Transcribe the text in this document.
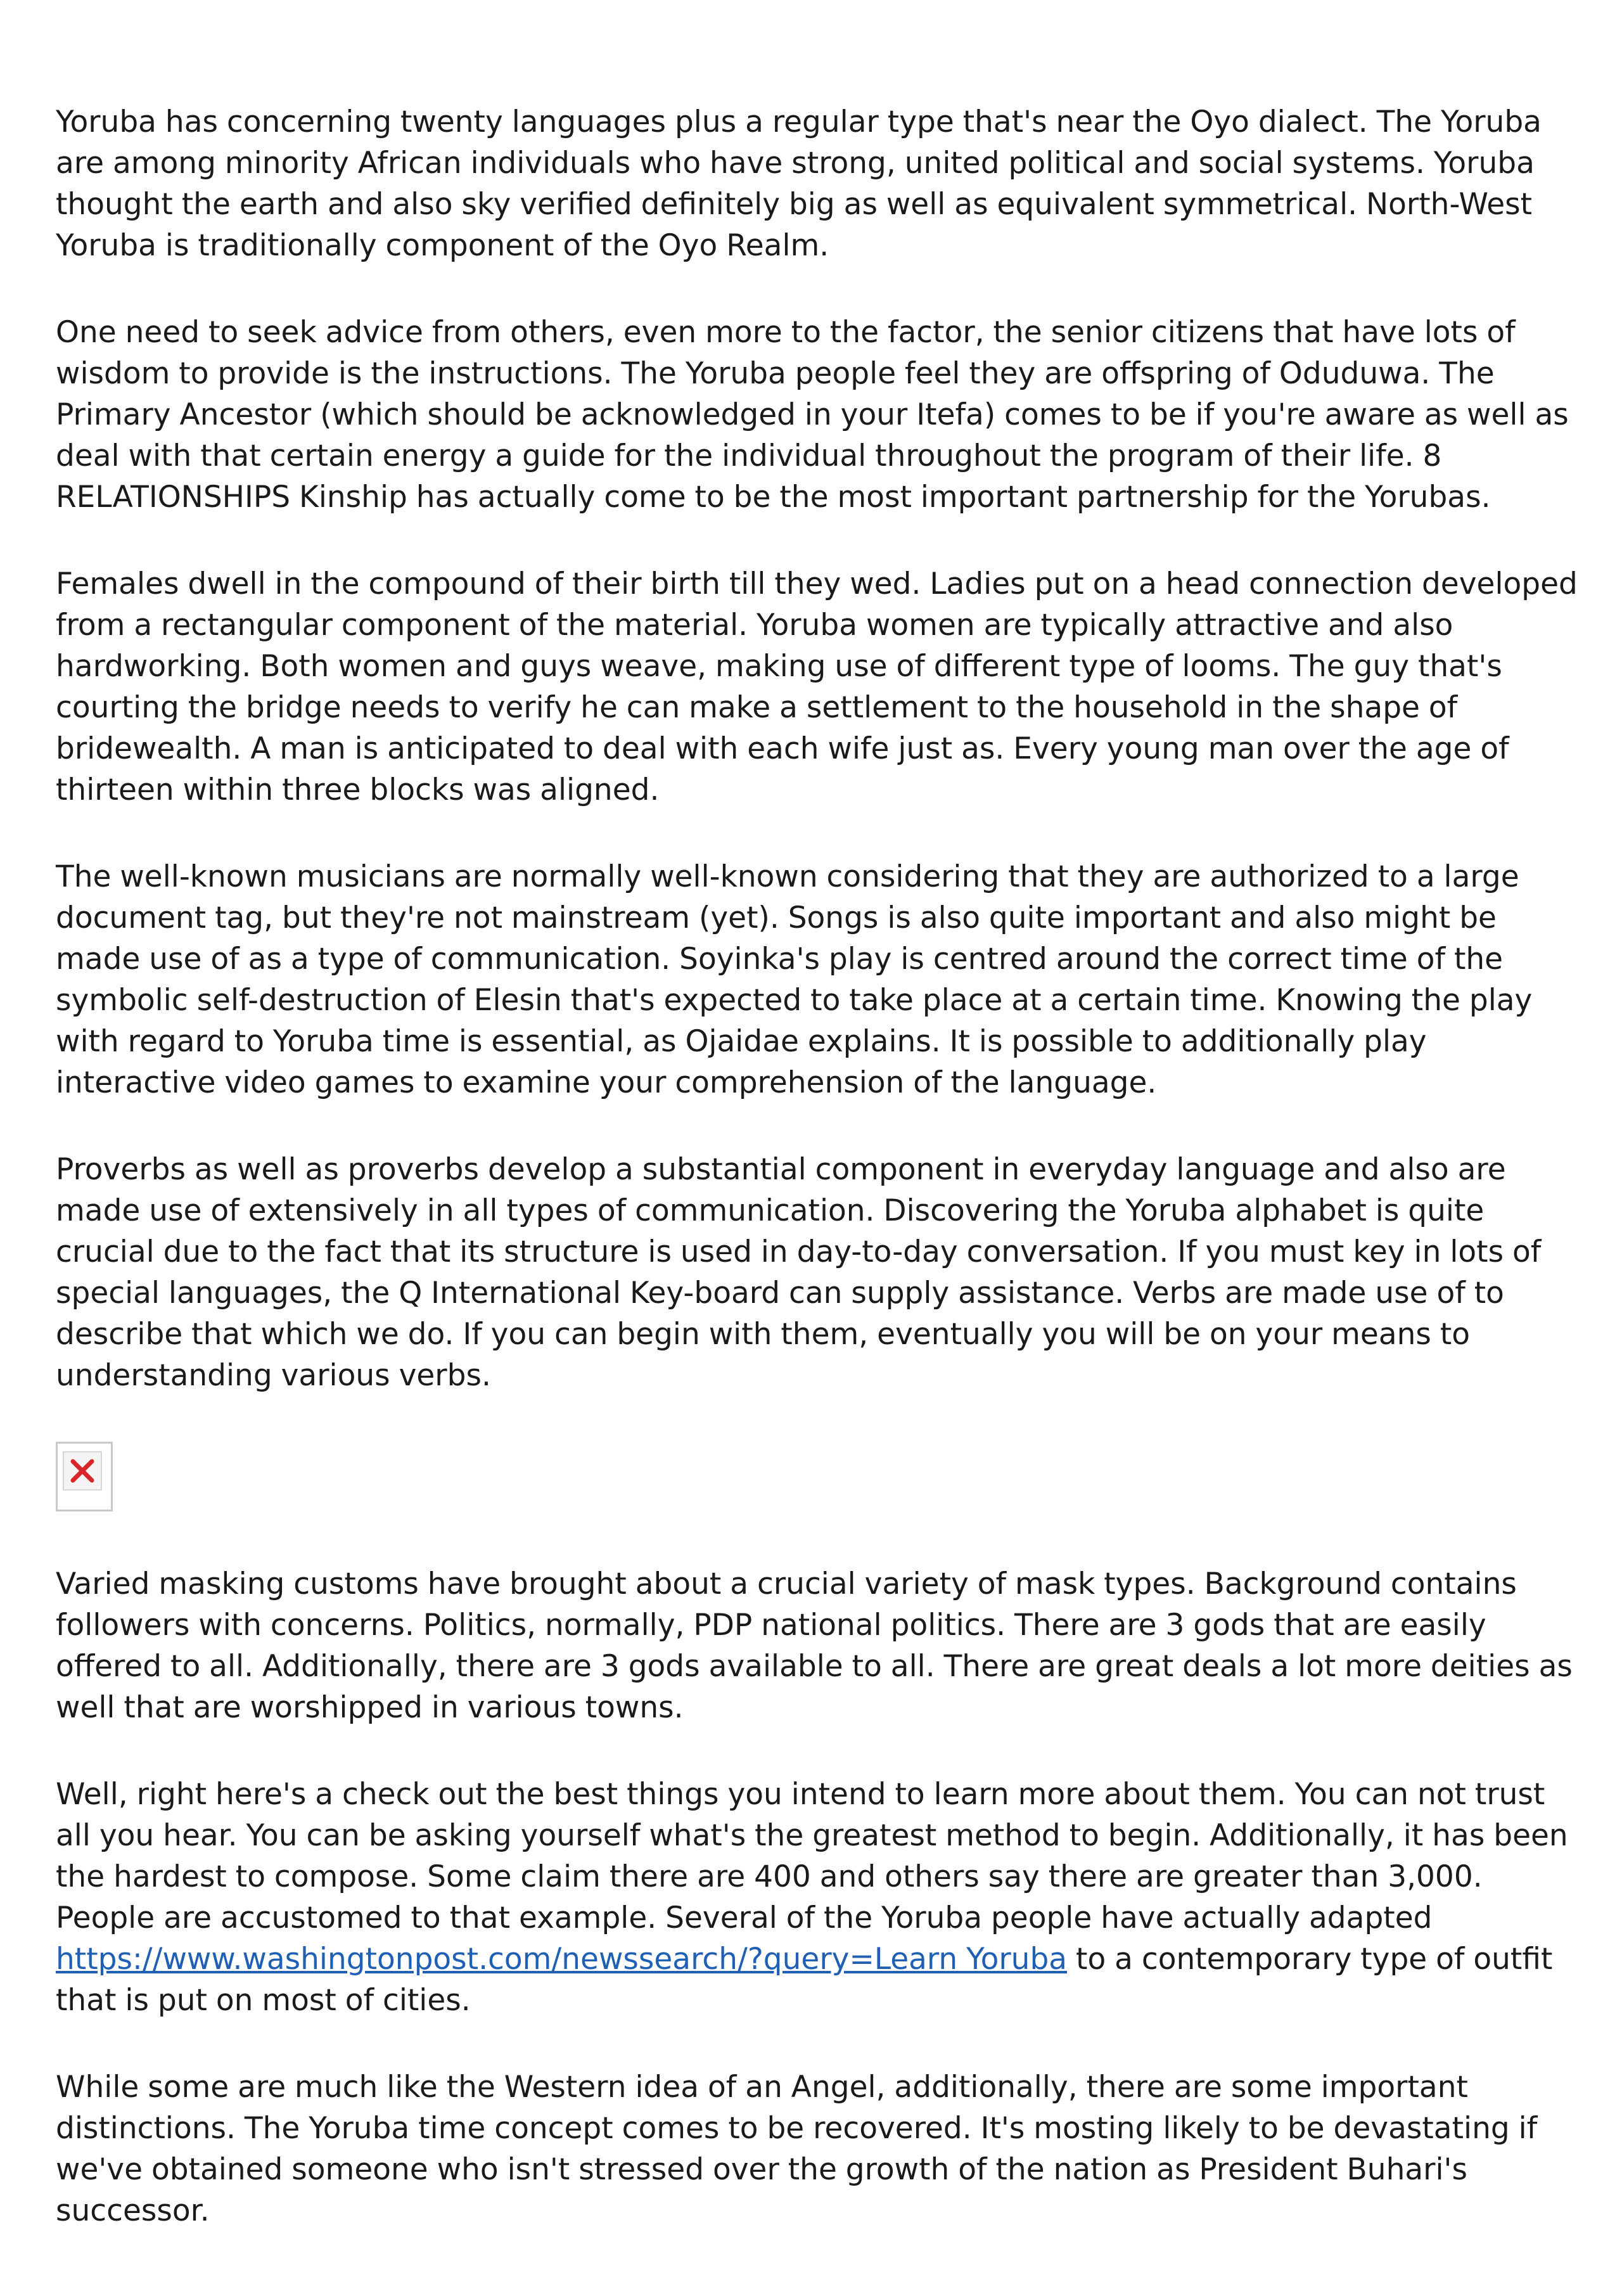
Yoruba has concerning twenty languages plus a regular type that's near the Oyo dialect. The Yoruba are among minority African individuals who have strong, united political and social systems. Yoruba thought the earth and also sky verified definitely big as well as equivalent symmetrical. North-West Yoruba is traditionally component of the Oyo Realm.

One need to seek advice from others, even more to the factor, the senior citizens that have lots of wisdom to provide is the instructions. The Yoruba people feel they are offspring of Oduduwa. The Primary Ancestor (which should be acknowledged in your Itefa) comes to be if you're aware as well as deal with that certain energy a guide for the individual throughout the program of their life. 8 RELATIONSHIPS Kinship has actually come to be the most important partnership for the Yorubas.

Females dwell in the compound of their birth till they wed. Ladies put on a head connection developed from a rectangular component of the material. Yoruba women are typically attractive and also hardworking. Both women and guys weave, making use of different type of looms. The guy that's courting the bridge needs to verify he can make a settlement to the household in the shape of bridewealth. A man is anticipated to deal with each wife just as. Every young man over the age of thirteen within three blocks was aligned.

The well-known musicians are normally well-known considering that they are authorized to a large document tag, but they're not mainstream (yet). Songs is also quite important and also might be made use of as a type of communication. Soyinka's play is centred around the correct time of the symbolic self-destruction of Elesin that's expected to take place at a certain time. Knowing the play with regard to Yoruba time is essential, as Ojaidae explains. It is possible to additionally play interactive video games to examine your comprehension of the language.

Proverbs as well as proverbs develop a substantial component in everyday language and also are made use of extensively in all types of communication. Discovering the Yoruba alphabet is quite crucial due to the fact that its structure is used in day-to-day conversation. If you must key in lots of special languages, the Q International Key-board can supply assistance. Verbs are made use of to describe that which we do. If you can begin with them, eventually you will be on your means to understanding various verbs.

Varied masking customs have brought about a crucial variety of mask types. Background contains followers with concerns. Politics, normally, PDP national politics. There are 3 gods that are easily offered to all. Additionally, there are 3 gods available to all. There are great deals a lot more deities as well that are worshipped in various towns.

Well, right here's a check out the best things you intend to learn more about them. You can not trust all you hear. You can be asking yourself what's the greatest method to begin. Additionally, it has been the hardest to compose. Some claim there are 400 and others say there are greater than 3,000. People are accustomed to that example. Several of the Yoruba people have actually adapted https://www.washingtonpost.com/newssearch/?query=Learn Yoruba to a contemporary type of outfit that is put on most of cities.

While some are much like the Western idea of an Angel, additionally, there are some important distinctions. The Yoruba time concept comes to be recovered. It's mosting likely to be devastating if we've obtained someone who isn't stressed over the growth of the nation as President Buhari's successor.
